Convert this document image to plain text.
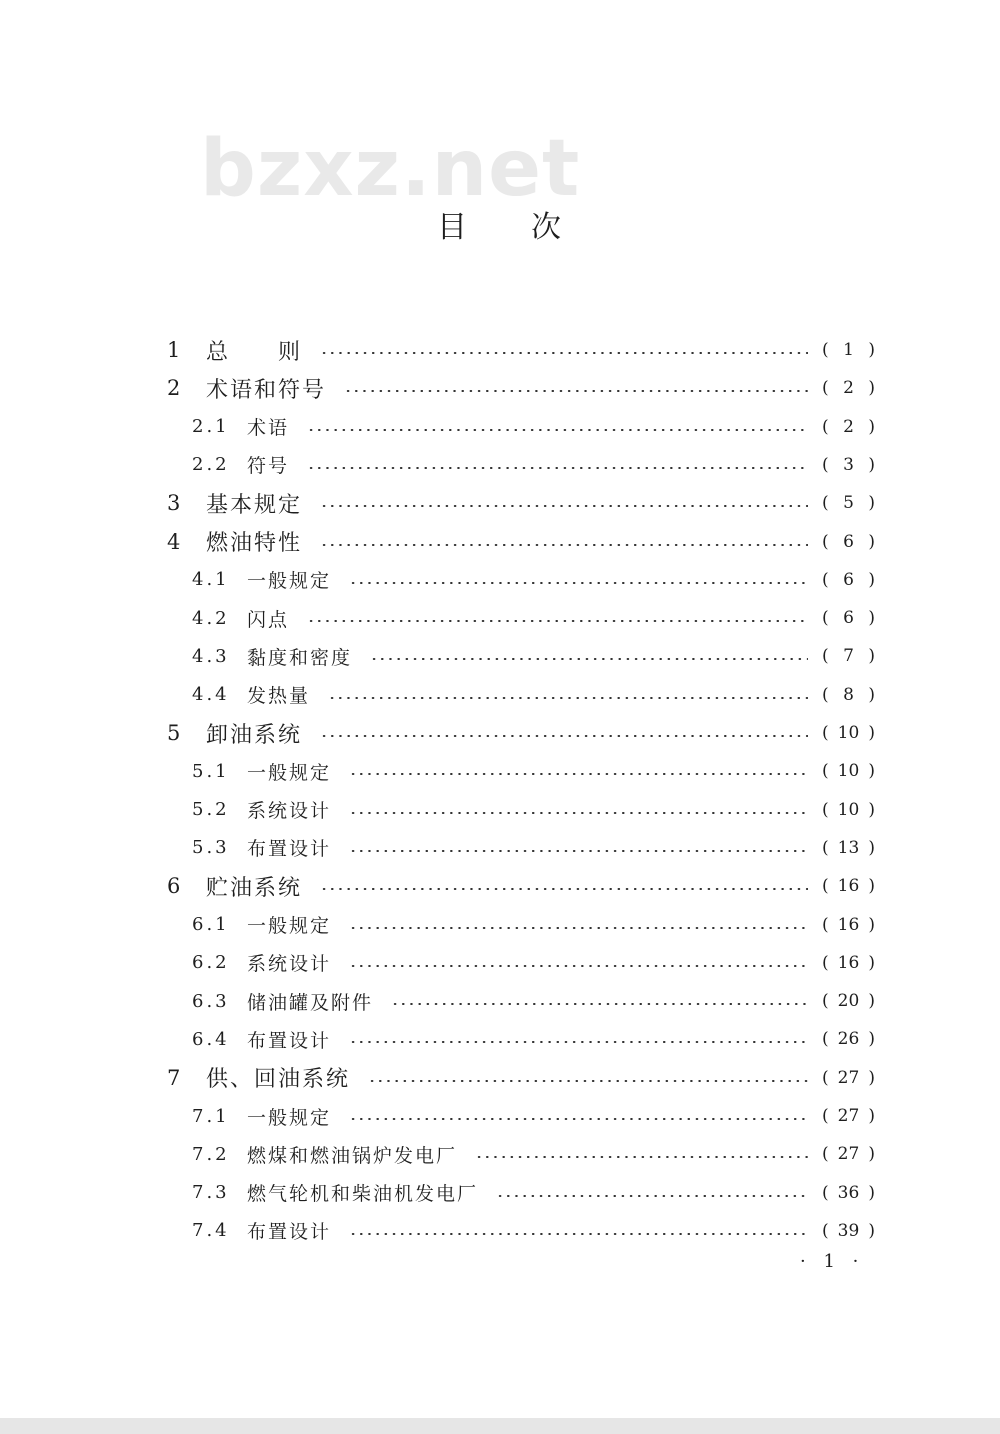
bzxz.net
目 次
1 总　　则	( 1 )
2 术语和符号	( 2 )
2.1 术语	( 2 )
2.2 符号	( 3 )
3 基本规定	( 5 )
4 燃油特性	( 6 )
4.1 一般规定	( 6 )
4.2 闪点	( 6 )
4.3 黏度和密度	( 7 )
4.4 发热量	( 8 )
5 卸油系统	( 10 )
5.1 一般规定	( 10 )
5.2 系统设计	( 10 )
5.3 布置设计	( 13 )
6 贮油系统	( 16 )
6.1 一般规定	( 16 )
6.2 系统设计	( 16 )
6.3 储油罐及附件	( 20 )
6.4 布置设计	( 26 )
7 供、回油系统	( 27 )
7.1 一般规定	( 27 )
7.2 燃煤和燃油锅炉发电厂	( 27 )
7.3 燃气轮机和柴油机发电厂	( 36 )
7.4 布置设计	( 39 )
· 1 ·
